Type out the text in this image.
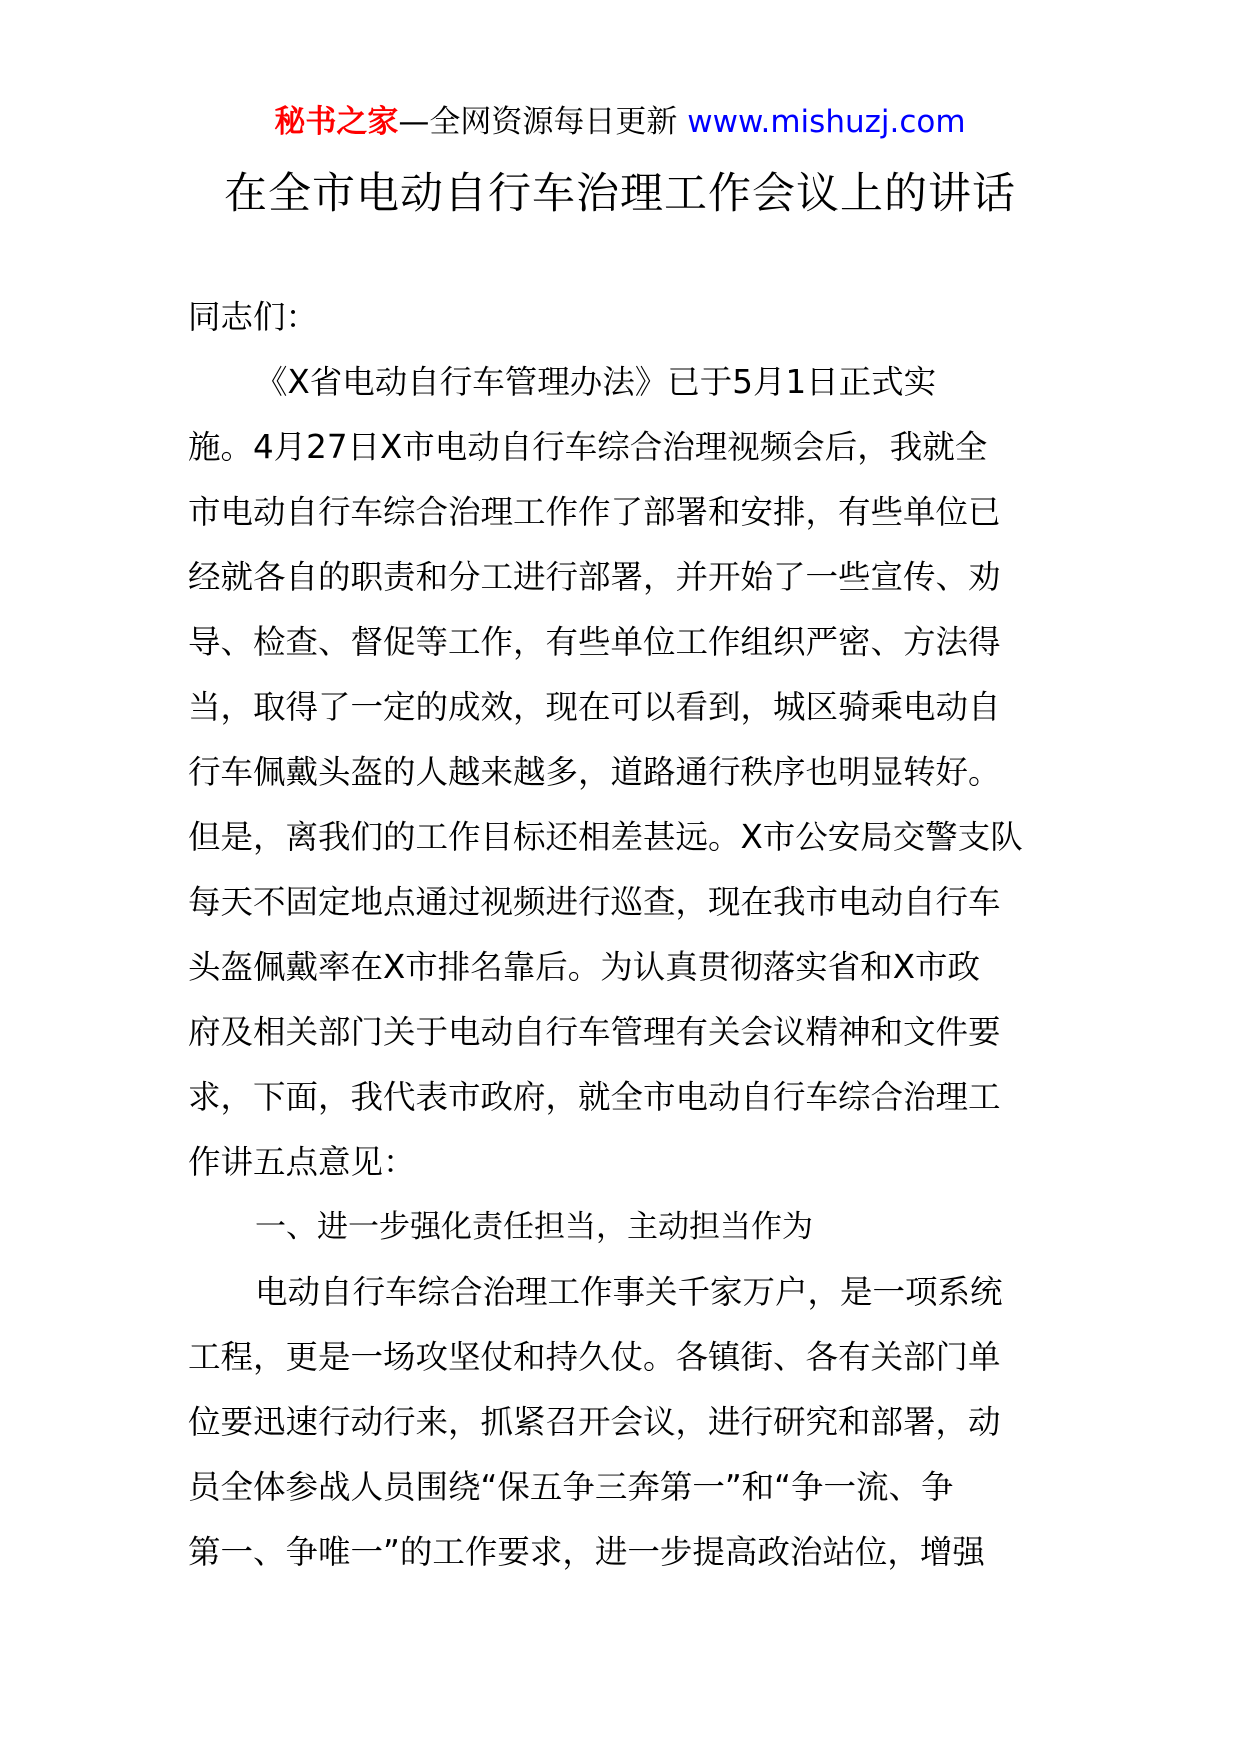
秘书之家—全网资源每日更新 www.mishuzj.com
在全市电动自行车治理工作会议上的讲话
同志们：
《X省电动自行车管理办法》已于5月1日正式实
施。4月27日X市电动自行车综合治理视频会后，我就全
市电动自行车综合治理工作作了部署和安排，有些单位已
经就各自的职责和分工进行部署，并开始了一些宣传、劝
导、检查、督促等工作，有些单位工作组织严密、方法得
当，取得了一定的成效，现在可以看到，城区骑乘电动自
行车佩戴头盔的人越来越多，道路通行秩序也明显转好。
但是，离我们的工作目标还相差甚远。X市公安局交警支队
每天不固定地点通过视频进行巡查，现在我市电动自行车
头盔佩戴率在X市排名靠后。为认真贯彻落实省和X市政
府及相关部门关于电动自行车管理有关会议精神和文件要
求，下面，我代表市政府，就全市电动自行车综合治理工
作讲五点意见：
一、进一步强化责任担当，主动担当作为
电动自行车综合治理工作事关千家万户，是一项系统
工程，更是一场攻坚仗和持久仗。各镇街、各有关部门单
位要迅速行动行来，抓紧召开会议，进行研究和部署，动
员全体参战人员围绕“保五争三奔第一”和“争一流、争
第一、争唯一”的工作要求，进一步提高政治站位，增强
